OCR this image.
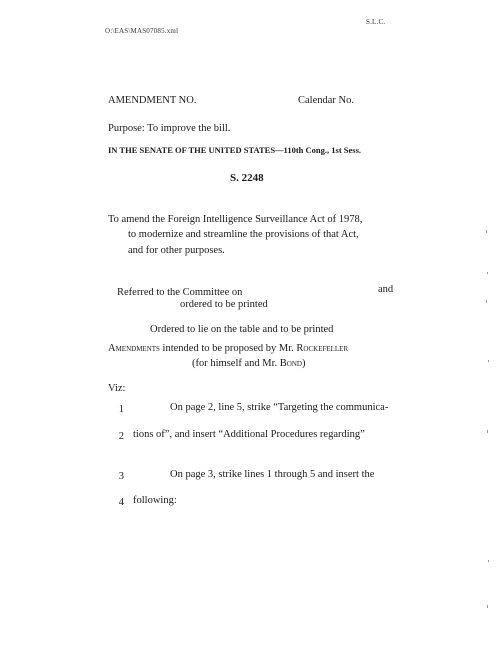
O:\EAS\MAS07085.xml
S.L.C.
AMENDMENT NO.	Calendar No.
Purpose: To improve the bill.
IN THE SENATE OF THE UNITED STATES—110th Cong., 1st Sess.
S. 2248
To amend the Foreign Intelligence Surveillance Act of 1978,
to modernize and streamline the provisions of that Act,
and for other purposes.
Referred to the Committee on	and
ordered to be printed
Ordered to lie on the table and to be printed
Amendments intended to be proposed by Mr. Rockefeller
(for himself and Mr. Bond)
Viz:
1	On page 2, line 5, strike “Targeting the communica-
2 tions of”, and insert “Additional Procedures regarding”
3	On page 3, strike lines 1 through 5 and insert the
4 following:
